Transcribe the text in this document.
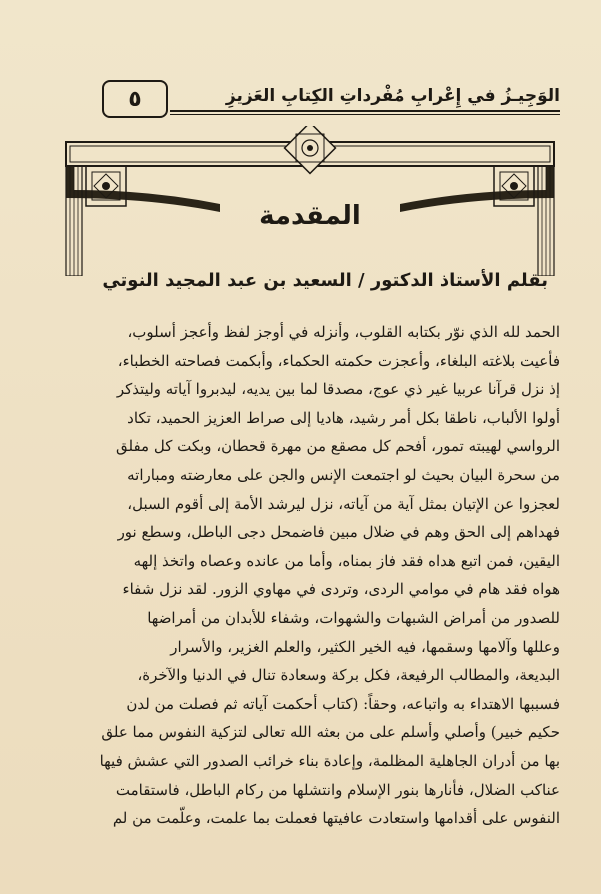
٥	الوَجِيـزُ في إِعْرابِ مُفْرداتِ الكِتابِ العَزيزِ
المقدمة
بقلم الأستاذ الدكتور / السعيد بن عبد المجيد النوتي
الحمد لله الذي نوّر بكتابه القلوب، وأنزله في أوجز لفظ وأعجز أسلوب،
فأعيت بلاغته البلغاء، وأعجزت حكمته الحكماء، وأبكمت فصاحته الخطباء،
إذ نزل قرآنا عربيا غير ذي عوج، مصدقا لما بين يديه، ليدبروا آياته وليتذكر
أولوا الألباب، ناطقا بكل أمر رشيد، هاديا إلى صراط العزيز الحميد، تكاد
الرواسي لهيبته تمور، أفحم كل مصقع من مهرة قحطان، وبكت كل مفلق
من سحرة البيان بحيث لو اجتمعت الإنس والجن على معارضته ومباراته
لعجزوا عن الإتيان بمثل آية من آياته، نزل ليرشد الأمة إلى أقوم السبل،
فهداهم إلى الحق وهم في ضلال مبين فاضمحل دجى الباطل، وسطع نور
اليقين، فمن اتبع هداه فقد فاز بمناه، وأما من عانده وعصاه واتخذ إلهه
هواه فقد هام في موامي الردى، وتردى في مهاوي الزور. لقد نزل شفاء
للصدور من أمراض الشبهات والشهوات، وشفاء للأبدان من أمراضها
وعللها وآلامها وسقمها، فيه الخير الكثير، والعلم الغزير، والأسرار
البديعة، والمطالب الرفيعة، فكل بركة وسعادة تنال في الدنيا والآخرة،
فسببها الاهتداء به واتباعه، وحقاً: (كتاب أحكمت آياته ثم فصلت من لدن
حكيم خبير) وأصلي وأسلم على من بعثه الله تعالى لتزكية النفوس مما علق
بها من أدران الجاهلية المظلمة، وإعادة بناء خرائب الصدور التي عشش فيها
عناكب الضلال، فأنارها بنور الإسلام وانتشلها من ركام الباطل، فاستقامت
النفوس على أقدامها واستعادت عافيتها فعملت بما علمت، وعلّمت من لم
